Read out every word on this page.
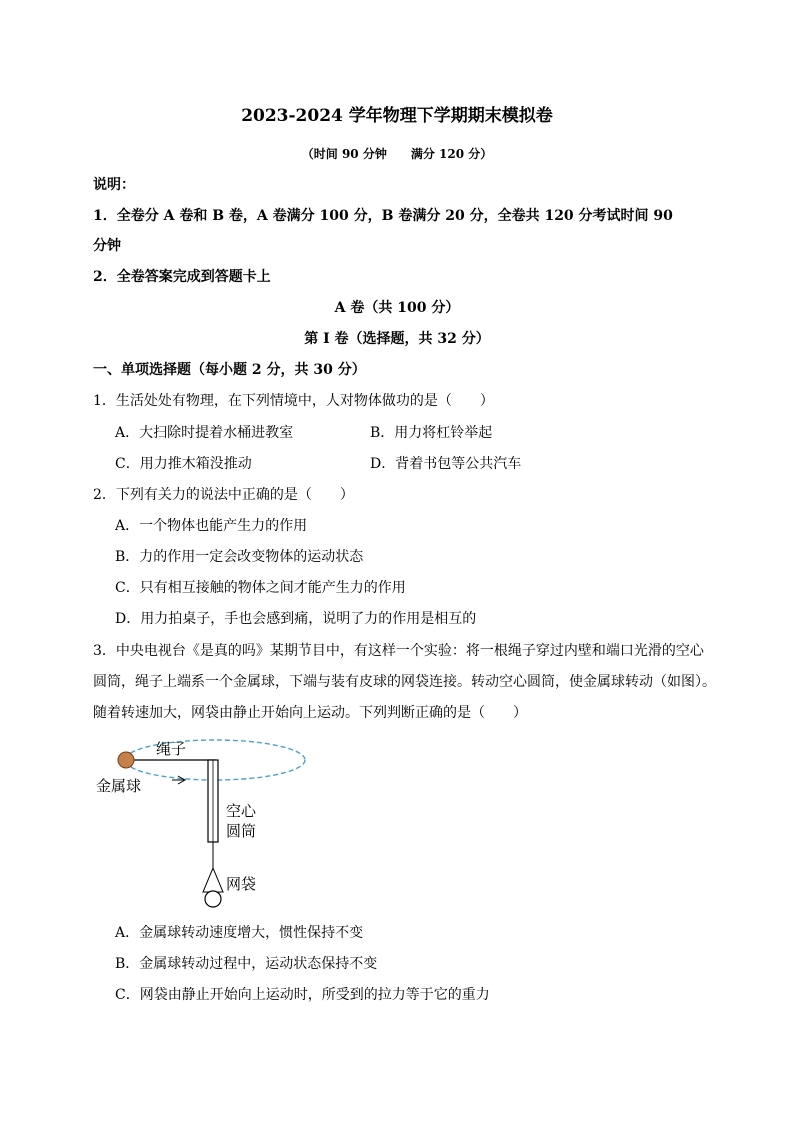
2023-2024 学年物理下学期期末模拟卷
（时间 90 分钟　　满分 120 分）
说明：
1．全卷分 A 卷和 B 卷，A 卷满分 100 分，B 卷满分 20 分，全卷共 120 分考试时间 90
分钟
2．全卷答案完成到答题卡上
A 卷（共 100 分）
第 I 卷（选择题，共 32 分）
一、单项选择题（每小题 2 分，共 30 分）
1．生活处处有物理，在下列情境中，人对物体做功的是（　　）
A．大扫除时提着水桶进教室	B．用力将杠铃举起
C．用力推木箱没推动	D．背着书包等公共汽车
2．下列有关力的说法中正确的是（　　）
A．一个物体也能产生力的作用
B．力的作用一定会改变物体的运动状态
C．只有相互接触的物体之间才能产生力的作用
D．用力拍桌子，手也会感到痛，说明了力的作用是相互的
3．中央电视台《是真的吗》某期节目中，有这样一个实验：将一根绳子穿过内壁和端口光滑的空心
圆筒，绳子上端系一个金属球，下端与装有皮球的网袋连接。转动空心圆筒，使金属球转动（如图）。
随着转速加大，网袋由静止开始向上运动。下列判断正确的是（　　）
绳子
金属球
空心
圆筒
网袋
A．金属球转动速度增大，惯性保持不变
B．金属球转动过程中，运动状态保持不变
C．网袋由静止开始向上运动时，所受到的拉力等于它的重力
